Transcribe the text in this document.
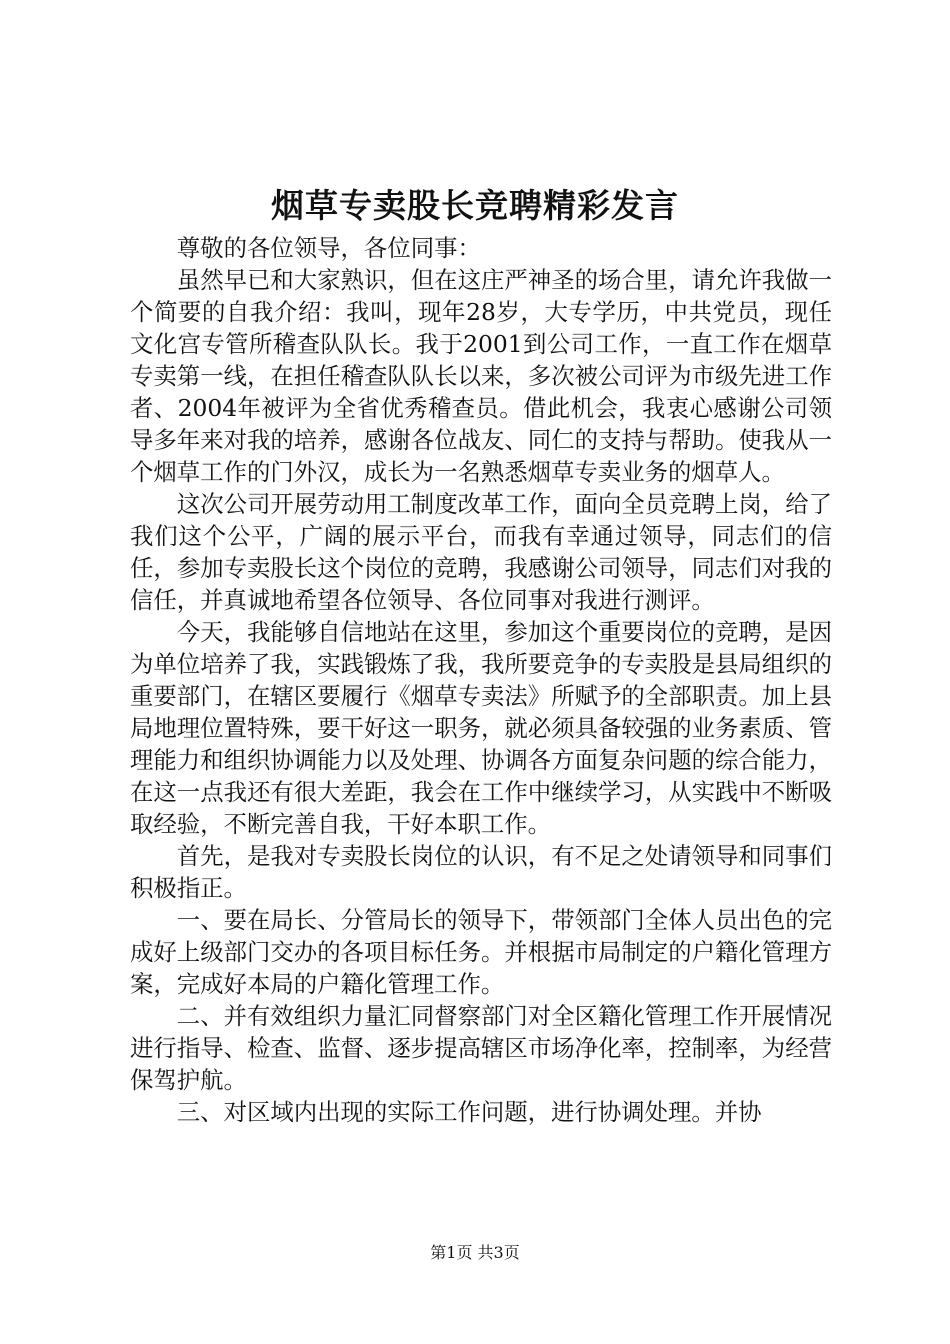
烟草专卖股长竞聘精彩发言

尊敬的各位领导，各位同事：

虽然早已和大家熟识，但在这庄严神圣的场合里，请允许我做一个简要的自我介绍：我叫，现年28岁，大专学历，中共党员，现任文化宫专管所稽查队队长。我于2001到公司工作，一直工作在烟草专卖第一线，在担任稽查队队长以来，多次被公司评为市级先进工作者、2004年被评为全省优秀稽查员。借此机会，我衷心感谢公司领导多年来对我的培养，感谢各位战友、同仁的支持与帮助。使我从一个烟草工作的门外汉，成长为一名熟悉烟草专卖业务的烟草人。

这次公司开展劳动用工制度改革工作，面向全员竞聘上岗，给了我们这个公平，广阔的展示平台，而我有幸通过领导，同志们的信任，参加专卖股长这个岗位的竞聘，我感谢公司领导，同志们对我的信任，并真诚地希望各位领导、各位同事对我进行测评。

今天，我能够自信地站在这里，参加这个重要岗位的竞聘，是因为单位培养了我，实践锻炼了我，我所要竞争的专卖股是县局组织的重要部门，在辖区要履行《烟草专卖法》所赋予的全部职责。加上县局地理位置特殊，要干好这一职务，就必须具备较强的业务素质、管理能力和组织协调能力以及处理、协调各方面复杂问题的综合能力，在这一点我还有很大差距，我会在工作中继续学习，从实践中不断吸取经验，不断完善自我，干好本职工作。

首先，是我对专卖股长岗位的认识，有不足之处请领导和同事们积极指正。

一、要在局长、分管局长的领导下，带领部门全体人员出色的完成好上级部门交办的各项目标任务。并根据市局制定的户籍化管理方案，完成好本局的户籍化管理工作。

二、并有效组织力量汇同督察部门对全区籍化管理工作开展情况进行指导、检查、监督、逐步提高辖区市场净化率，控制率，为经营保驾护航。

三、对区域内出现的实际工作问题，进行协调处理。并协

第1页 共3页
